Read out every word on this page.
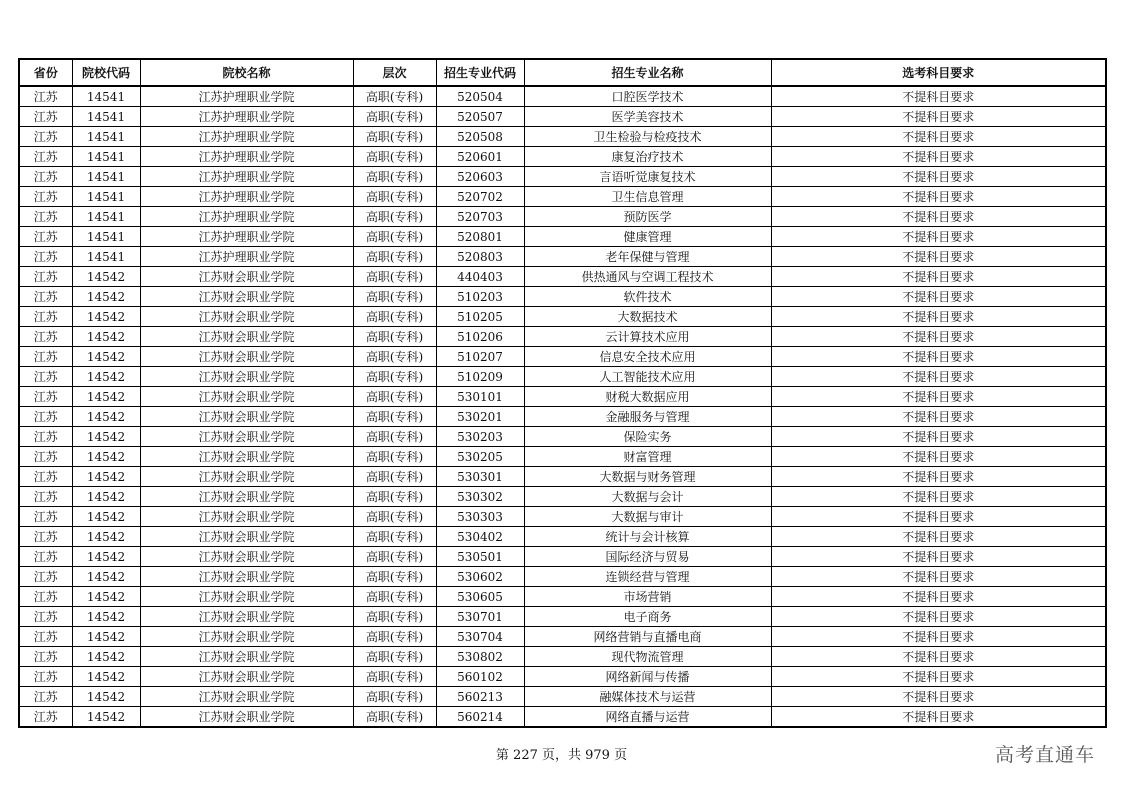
省份	院校代码	院校名称	层次	招生专业代码	招生专业名称	选考科目要求
江苏	14541	江苏护理职业学院	高职(专科)	520504	口腔医学技术	不提科目要求
江苏	14541	江苏护理职业学院	高职(专科)	520507	医学美容技术	不提科目要求
江苏	14541	江苏护理职业学院	高职(专科)	520508	卫生检验与检疫技术	不提科目要求
江苏	14541	江苏护理职业学院	高职(专科)	520601	康复治疗技术	不提科目要求
江苏	14541	江苏护理职业学院	高职(专科)	520603	言语听觉康复技术	不提科目要求
江苏	14541	江苏护理职业学院	高职(专科)	520702	卫生信息管理	不提科目要求
江苏	14541	江苏护理职业学院	高职(专科)	520703	预防医学	不提科目要求
江苏	14541	江苏护理职业学院	高职(专科)	520801	健康管理	不提科目要求
江苏	14541	江苏护理职业学院	高职(专科)	520803	老年保健与管理	不提科目要求
江苏	14542	江苏财会职业学院	高职(专科)	440403	供热通风与空调工程技术	不提科目要求
江苏	14542	江苏财会职业学院	高职(专科)	510203	软件技术	不提科目要求
江苏	14542	江苏财会职业学院	高职(专科)	510205	大数据技术	不提科目要求
江苏	14542	江苏财会职业学院	高职(专科)	510206	云计算技术应用	不提科目要求
江苏	14542	江苏财会职业学院	高职(专科)	510207	信息安全技术应用	不提科目要求
江苏	14542	江苏财会职业学院	高职(专科)	510209	人工智能技术应用	不提科目要求
江苏	14542	江苏财会职业学院	高职(专科)	530101	财税大数据应用	不提科目要求
江苏	14542	江苏财会职业学院	高职(专科)	530201	金融服务与管理	不提科目要求
江苏	14542	江苏财会职业学院	高职(专科)	530203	保险实务	不提科目要求
江苏	14542	江苏财会职业学院	高职(专科)	530205	财富管理	不提科目要求
江苏	14542	江苏财会职业学院	高职(专科)	530301	大数据与财务管理	不提科目要求
江苏	14542	江苏财会职业学院	高职(专科)	530302	大数据与会计	不提科目要求
江苏	14542	江苏财会职业学院	高职(专科)	530303	大数据与审计	不提科目要求
江苏	14542	江苏财会职业学院	高职(专科)	530402	统计与会计核算	不提科目要求
江苏	14542	江苏财会职业学院	高职(专科)	530501	国际经济与贸易	不提科目要求
江苏	14542	江苏财会职业学院	高职(专科)	530602	连锁经营与管理	不提科目要求
江苏	14542	江苏财会职业学院	高职(专科)	530605	市场营销	不提科目要求
江苏	14542	江苏财会职业学院	高职(专科)	530701	电子商务	不提科目要求
江苏	14542	江苏财会职业学院	高职(专科)	530704	网络营销与直播电商	不提科目要求
江苏	14542	江苏财会职业学院	高职(专科)	530802	现代物流管理	不提科目要求
江苏	14542	江苏财会职业学院	高职(专科)	560102	网络新闻与传播	不提科目要求
江苏	14542	江苏财会职业学院	高职(专科)	560213	融媒体技术与运营	不提科目要求
江苏	14542	江苏财会职业学院	高职(专科)	560214	网络直播与运营	不提科目要求
第 227 页，共 979 页	高考直通车
